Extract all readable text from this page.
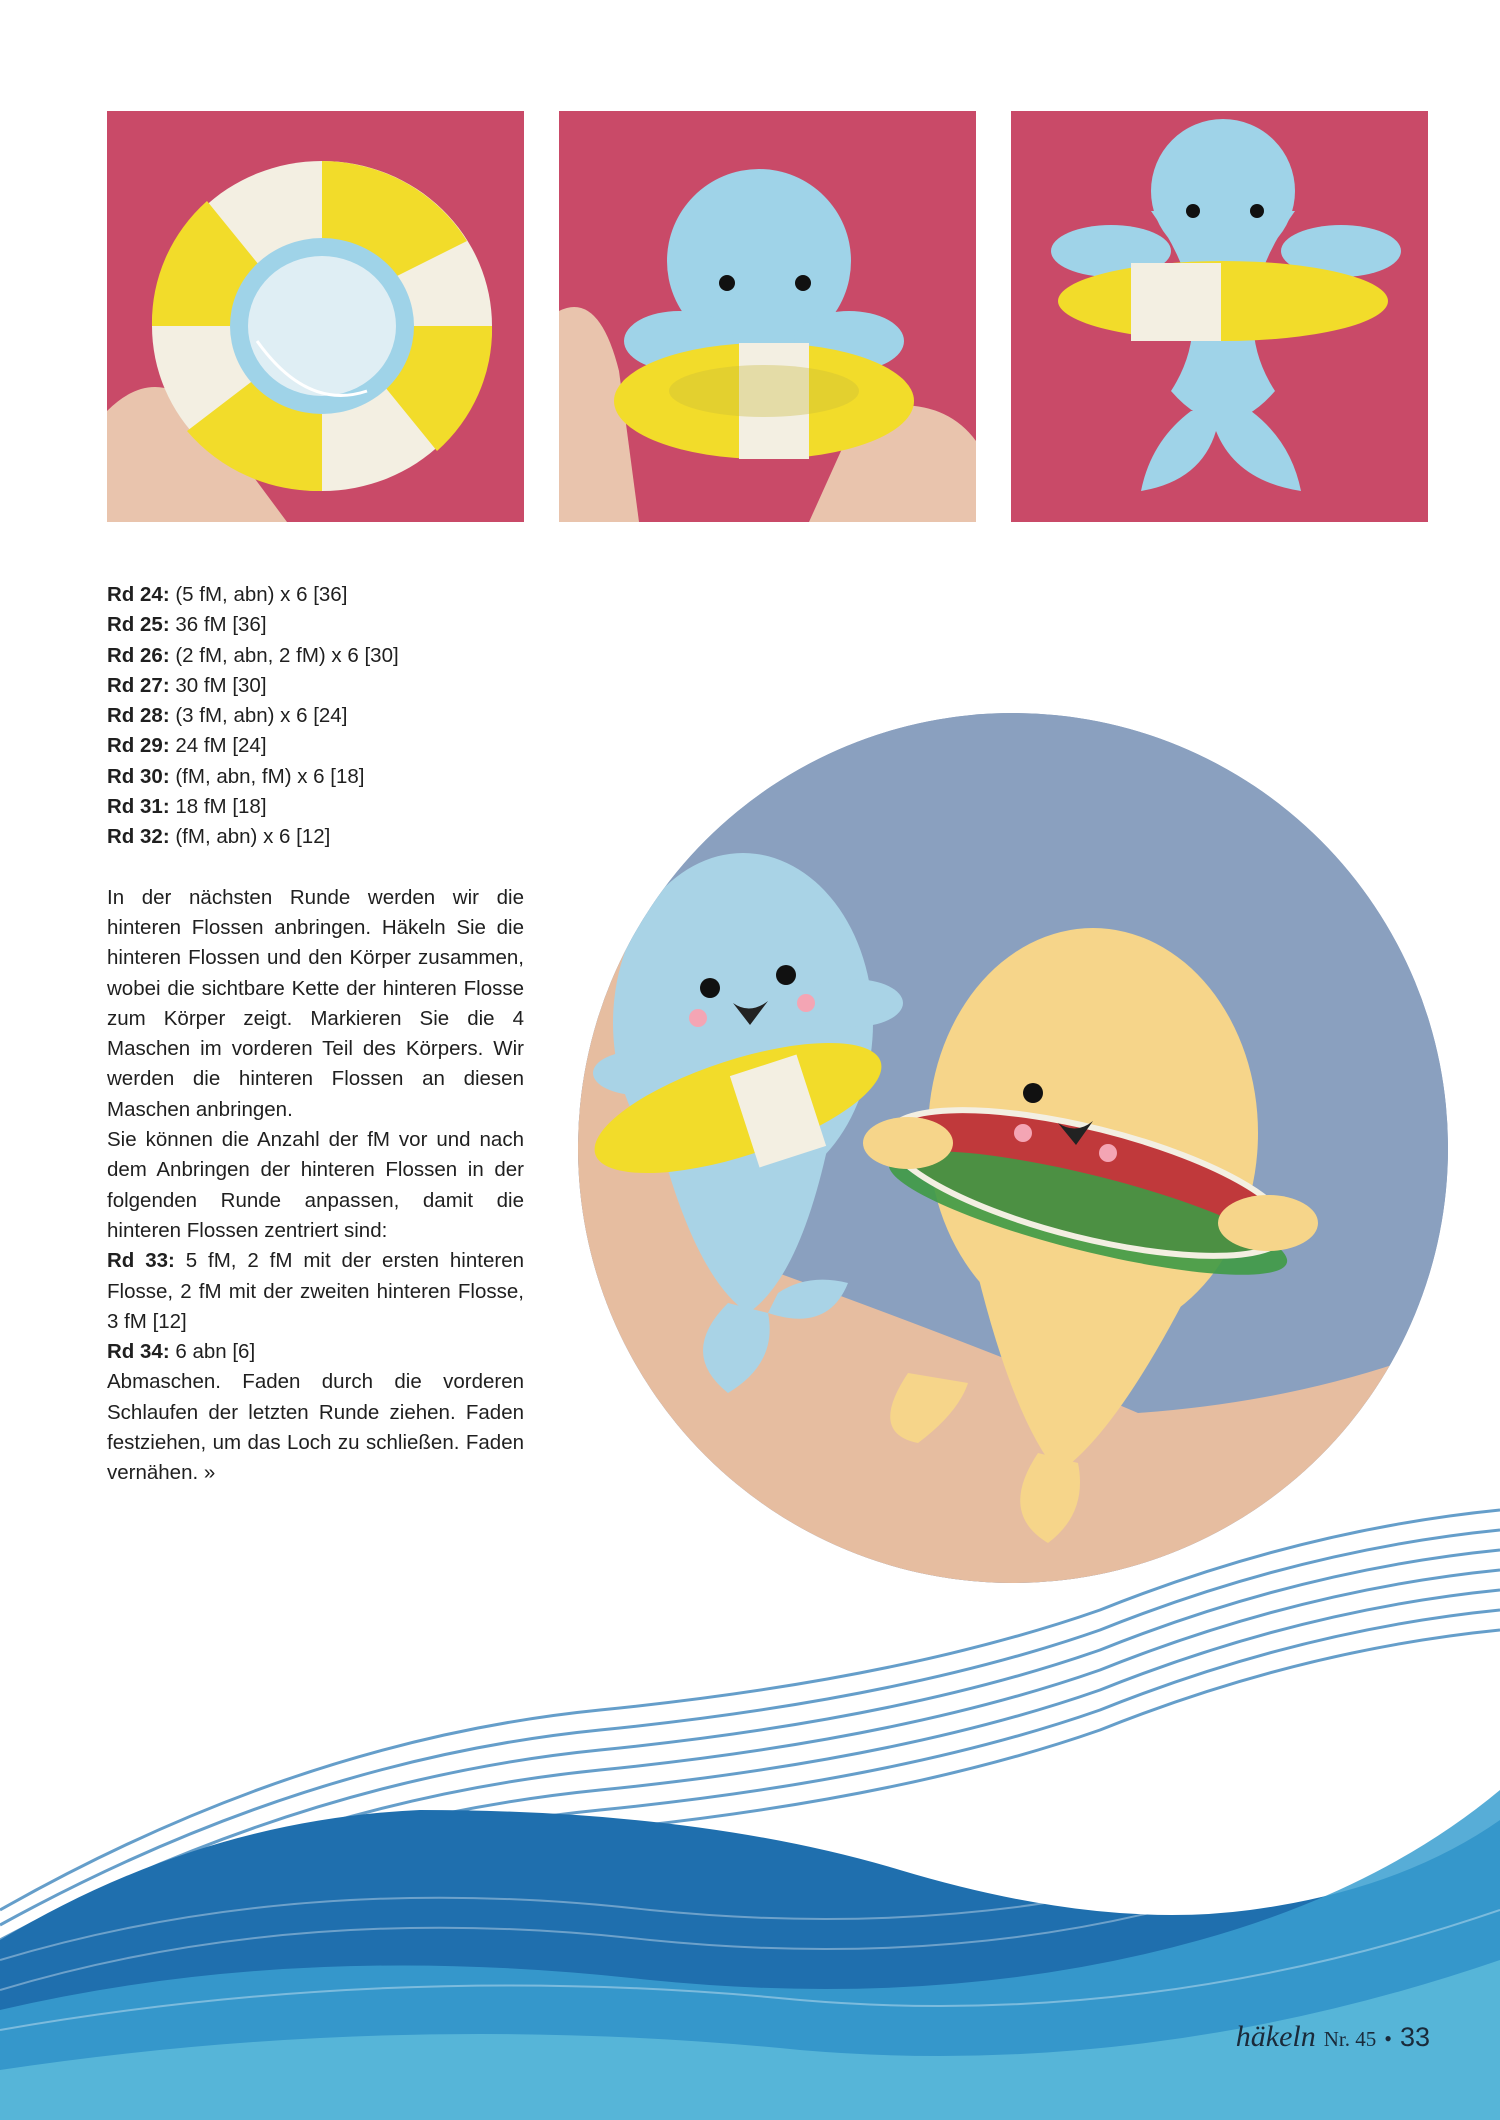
Rd 24: (5 fM, abn) x 6 [36]
Rd 25: 36 fM [36]
Rd 26: (2 fM, abn, 2 fM) x 6 [30]
Rd 27: 30 fM [30]
Rd 28: (3 fM, abn) x 6 [24]
Rd 29: 24 fM [24]
Rd 30: (fM, abn, fM) x 6 [18]
Rd 31: 18 fM [18]
Rd 32: (fM, abn) x 6 [12]

In der nächsten Runde werden wir die hinteren Flossen anbringen. Häkeln Sie die hinteren Flossen und den Körper zusammen, wobei die sichtbare Kette der hinteren Flosse zum Körper zeigt. Markieren Sie die 4 Maschen im vorderen Teil des Körpers. Wir werden die hinteren Flossen an diesen Maschen anbringen.

Sie können die Anzahl der fM vor und nach dem Anbringen der hinteren Flossen in der folgenden Runde anpassen, damit die hinteren Flossen zentriert sind:

Rd 33: 5 fM, 2 fM mit der ersten hinteren Flosse, 2 fM mit der zweiten hinteren Flosse, 3 fM [12]

Rd 34: 6 abn [6]

Abmaschen. Faden durch die vorderen Schlaufen der letzten Runde ziehen. Faden festziehen, um das Loch zu schließen. Faden vernähen. »

häkeln Nr. 45 • 33
